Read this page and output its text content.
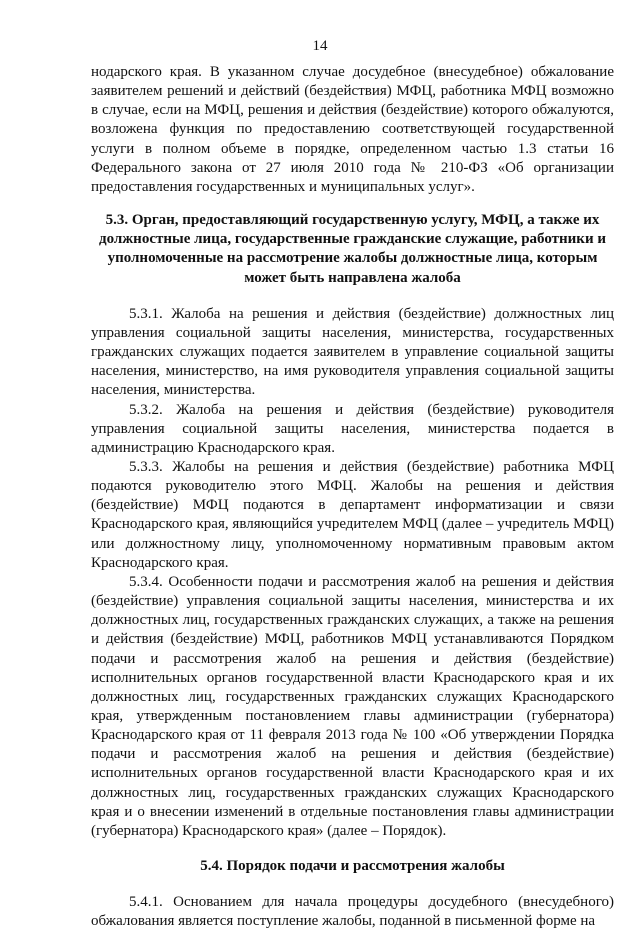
14

нодарского края. В указанном случае досудебное (внесудебное) обжалование заявителем решений и действий (бездействия) МФЦ, работника МФЦ возможно в случае, если на МФЦ, решения и действия (бездействие) которого обжалуются, возложена функция по предоставлению соответствующей государственной услуги в полном объеме в порядке, определенном частью 1.3 статьи 16 Федерального закона от 27 июля 2010 года № 210-ФЗ «Об организации предоставления государственных и муниципальных услуг».

5.3. Орган, предоставляющий государственную услугу, МФЦ, а также их должностные лица, государственные гражданские служащие, работники и уполномоченные на рассмотрение жалобы должностные лица, которым может быть направлена жалоба

5.3.1. Жалоба на решения и действия (бездействие) должностных лиц управления социальной защиты населения, министерства, государственных гражданских служащих подается заявителем в управление социальной защиты населения, министерство, на имя руководителя управления социальной защиты населения, министерства.

5.3.2. Жалоба на решения и действия (бездействие) руководителя управления социальной защиты населения, министерства подается в администрацию Краснодарского края.

5.3.3. Жалобы на решения и действия (бездействие) работника МФЦ подаются руководителю этого МФЦ. Жалобы на решения и действия (бездействие) МФЦ подаются в департамент информатизации и связи Краснодарского края, являющийся учредителем МФЦ (далее – учредитель МФЦ) или должностному лицу, уполномоченному нормативным правовым актом Краснодарского края.

5.3.4. Особенности подачи и рассмотрения жалоб на решения и действия (бездействие) управления социальной защиты населения, министерства и их должностных лиц, государственных гражданских служащих, а также на решения и действия (бездействие) МФЦ, работников МФЦ устанавливаются Порядком подачи и рассмотрения жалоб на решения и действия (бездействие) исполнительных органов государственной власти Краснодарского края и их должностных лиц, государственных гражданских служащих Краснодарского края, утвержденным постановлением главы администрации (губернатора) Краснодарского края от 11 февраля 2013 года № 100 «Об утверждении Порядка подачи и рассмотрения жалоб на решения и действия (бездействие) исполнительных органов государственной власти Краснодарского края и их должностных лиц, государственных гражданских служащих Краснодарского края и о внесении изменений в отдельные постановления главы администрации (губернатора) Краснодарского края» (далее – Порядок).

5.4. Порядок подачи и рассмотрения жалобы

5.4.1. Основанием для начала процедуры досудебного (внесудебного) обжалования является поступление жалобы, поданной в письменной форме на
